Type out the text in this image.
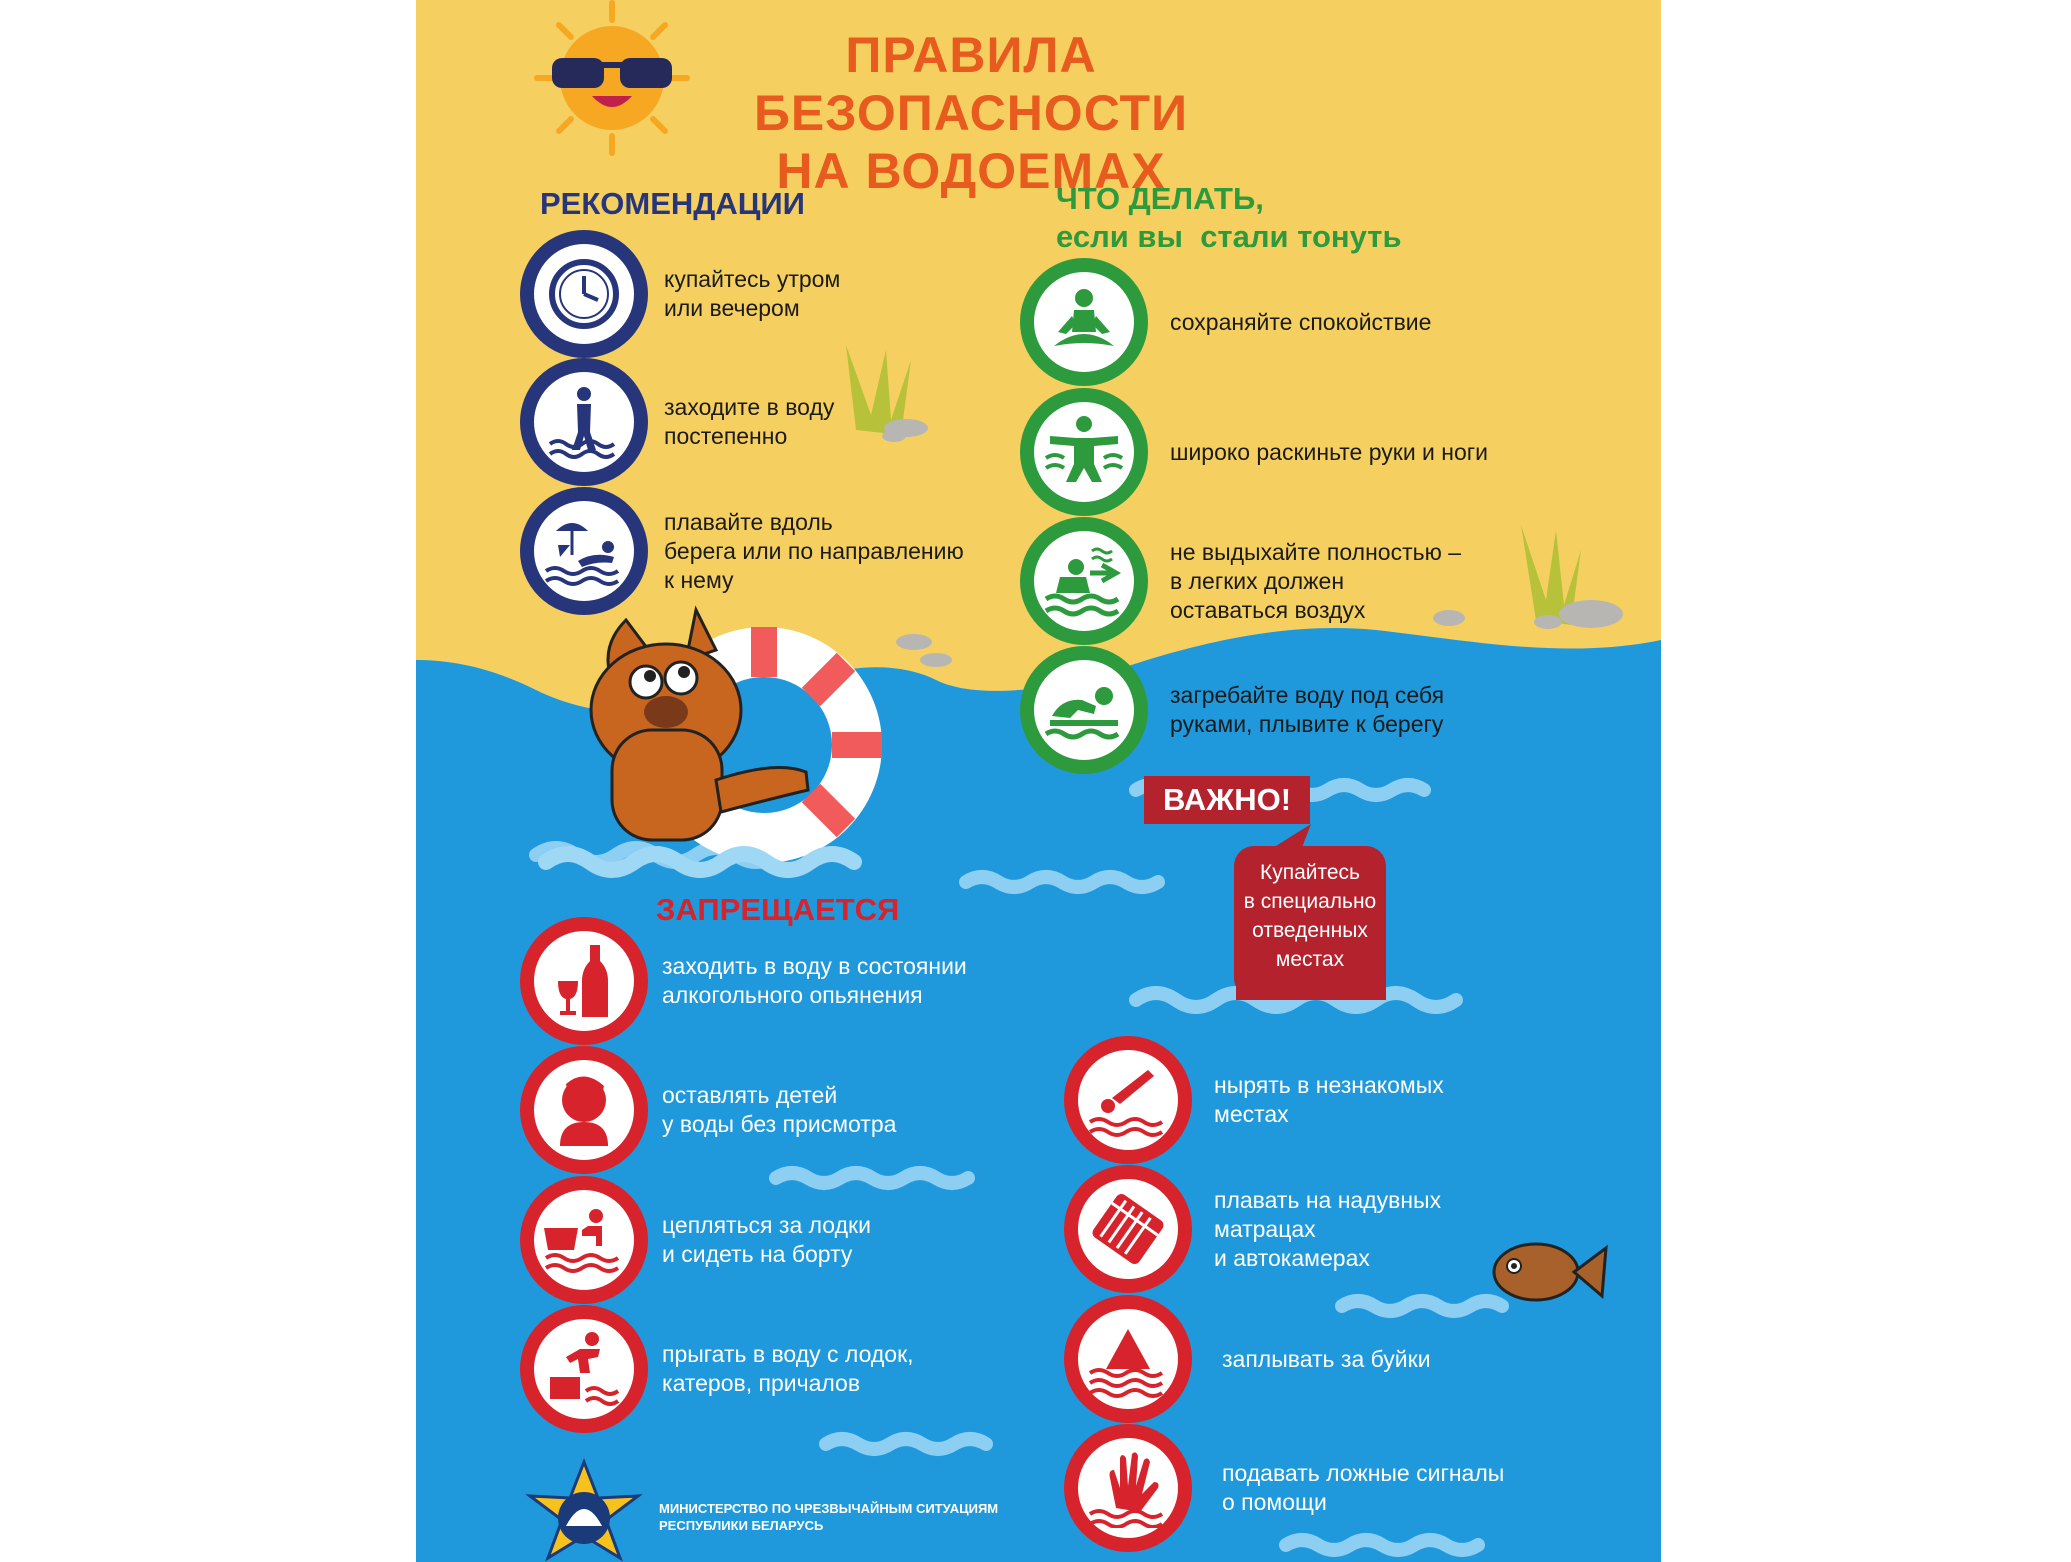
ПРАВИЛА БЕЗОПАСНОСТИ
НА ВОДОЕМАХ
РЕКОМЕНДАЦИИ
купайтесь утром
или вечером
заходите в воду
постепенно
плавайте вдоль
берега или по направлению
к нему
ЧТО ДЕЛАТЬ,
если вы  стали тонуть
сохраняйте спокойствие
широко раскиньте руки и ноги
не выдыхайте полностью –
в легких должен
оставаться воздух
загребайте воду под себя
руками, плывите к берегу
ВАЖНО!
Купайтесь
в специально
отведенных
местах
ЗАПРЕЩАЕТСЯ
заходить в воду в состоянии
алкогольного опьянения
оставлять детей
у воды без присмотра
цепляться за лодки
и сидеть на борту
прыгать в воду с лодок,
катеров, причалов
нырять в незнакомых
местах
плавать на надувных
матрацах
и автокамерах
заплывать за буйки
подавать ложные сигналы
о помощи
МИНИСТЕРСТВО ПО ЧРЕЗВЫЧАЙНЫМ СИТУАЦИЯМ
РЕСПУБЛИКИ БЕЛАРУСЬ
